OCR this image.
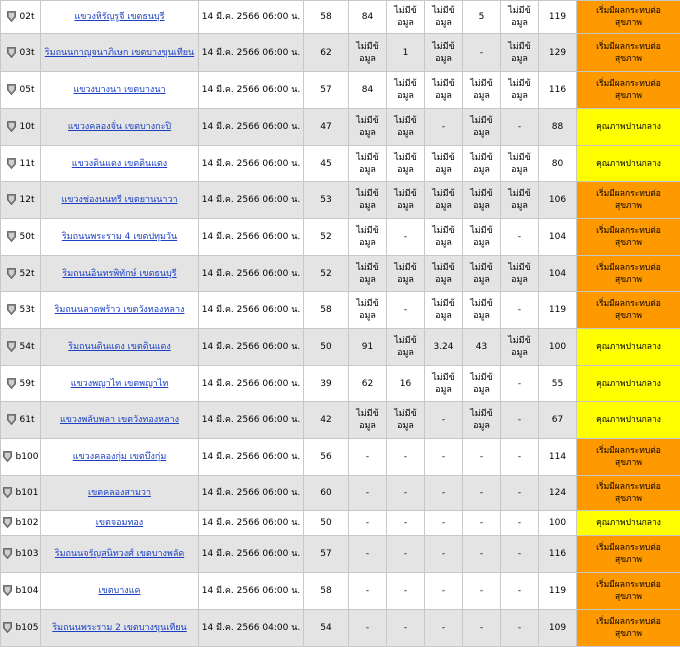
02t	แขวงหิรัญรูจี เขตธนบุรี	14 มี.ค. 2566 06:00 น.	58	84	ไม่มีข้อมูล	ไม่มีข้อมูล	5	ไม่มีข้อมูล	119	เริ่มมีผลกระทบต่อสุขภาพ

03t	ริมถนนกาญจนาภิเษก เขตบางขุนเทียน	14 มี.ค. 2566 06:00 น.	62	ไม่มีข้อมูล	1	ไม่มีข้อมูล	-	ไม่มีข้อมูล	129	เริ่มมีผลกระทบต่อสุขภาพ

05t	แขวงบางนา เขตบางนา	14 มี.ค. 2566 06:00 น.	57	84	ไม่มีข้อมูล	ไม่มีข้อมูล	ไม่มีข้อมูล	ไม่มีข้อมูล	116	เริ่มมีผลกระทบต่อสุขภาพ

10t	แขวงคลองจั่น เขตบางกะปิ	14 มี.ค. 2566 06:00 น.	47	ไม่มีข้อมูล	ไม่มีข้อมูล	-	ไม่มีข้อมูล	-	88	คุณภาพปานกลาง

11t	แขวงดินแดง เขตดินแดง	14 มี.ค. 2566 06:00 น.	45	ไม่มีข้อมูล	ไม่มีข้อมูล	ไม่มีข้อมูล	ไม่มีข้อมูล	ไม่มีข้อมูล	80	คุณภาพปานกลาง

12t	แขวงช่องนนทรี เขตยานนาวา	14 มี.ค. 2566 06:00 น.	53	ไม่มีข้อมูล	ไม่มีข้อมูล	ไม่มีข้อมูล	ไม่มีข้อมูล	ไม่มีข้อมูล	106	เริ่มมีผลกระทบต่อสุขภาพ

50t	ริมถนนพระราม 4 เขตปทุมวัน	14 มี.ค. 2566 06:00 น.	52	ไม่มีข้อมูล	-	ไม่มีข้อมูล	ไม่มีข้อมูล	-	104	เริ่มมีผลกระทบต่อสุขภาพ

52t	ริมถนนอินทรพิทักษ์ เขตธนบุรี	14 มี.ค. 2566 06:00 น.	52	ไม่มีข้อมูล	ไม่มีข้อมูล	ไม่มีข้อมูล	ไม่มีข้อมูล	ไม่มีข้อมูล	104	เริ่มมีผลกระทบต่อสุขภาพ

53t	ริมถนนลาดพร้าว เขตวังทองหลาง	14 มี.ค. 2566 06:00 น.	58	ไม่มีข้อมูล	-	ไม่มีข้อมูล	ไม่มีข้อมูล	-	119	เริ่มมีผลกระทบต่อสุขภาพ

54t	ริมถนนดินแดง เขตดินแดง	14 มี.ค. 2566 06:00 น.	50	91	ไม่มีข้อมูล	3.24	43	ไม่มีข้อมูล	100	คุณภาพปานกลาง

59t	แขวงพญาไท เขตพญาไท	14 มี.ค. 2566 06:00 น.	39	62	16	ไม่มีข้อมูล	ไม่มีข้อมูล	-	55	คุณภาพปานกลาง

61t	แขวงพลับพลา เขตวังทองหลาง	14 มี.ค. 2566 06:00 น.	42	ไม่มีข้อมูล	ไม่มีข้อมูล	-	ไม่มีข้อมูล	-	67	คุณภาพปานกลาง

b100	แขวงคลองกุ่ม เขตบึงกุ่ม	14 มี.ค. 2566 06:00 น.	56	-	-	-	-	-	114	เริ่มมีผลกระทบต่อสุขภาพ

b101	เขตคลองสามวา	14 มี.ค. 2566 06:00 น.	60	-	-	-	-	-	124	เริ่มมีผลกระทบต่อสุขภาพ

b102	เขตจอมทอง	14 มี.ค. 2566 06:00 น.	50	-	-	-	-	-	100	คุณภาพปานกลาง

b103	ริมถนนจรัญสนิทวงศ์ เขตบางพลัด	14 มี.ค. 2566 06:00 น.	57	-	-	-	-	-	116	เริ่มมีผลกระทบต่อสุขภาพ

b104	เขตบางแค	14 มี.ค. 2566 06:00 น.	58	-	-	-	-	-	119	เริ่มมีผลกระทบต่อสุขภาพ

b105	ริมถนนพระราม 2 เขตบางขุนเทียน	14 มี.ค. 2566 04:00 น.	54	-	-	-	-	-	109	เริ่มมีผลกระทบต่อสุขภาพ
